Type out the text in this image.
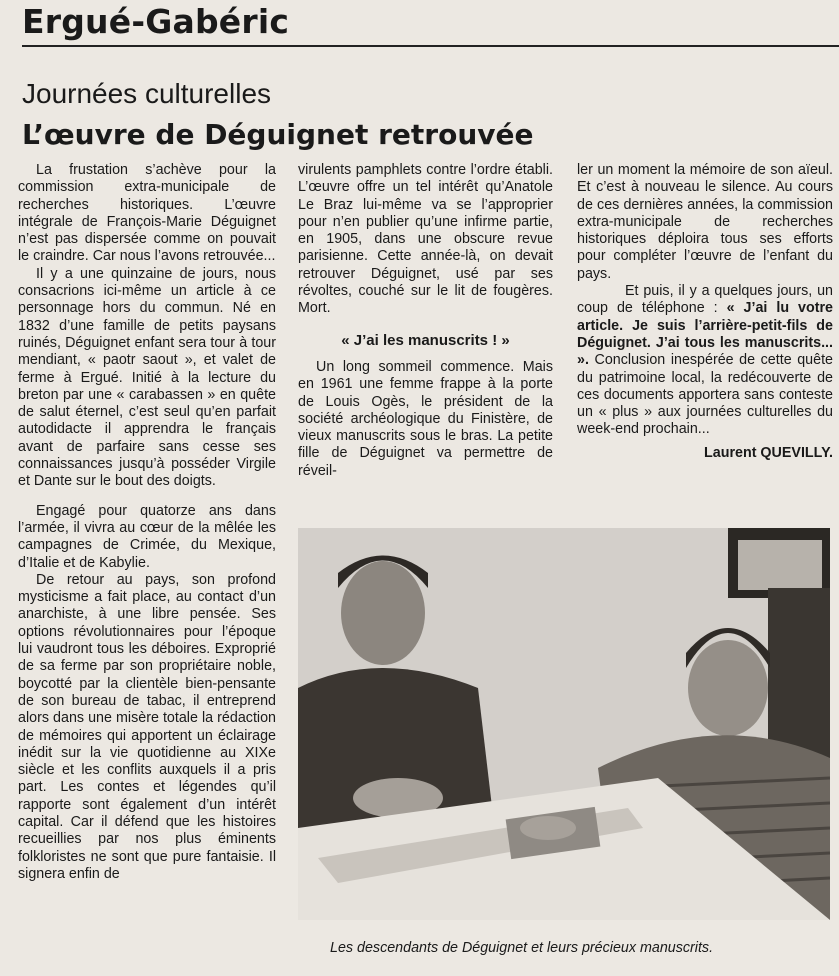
Ergué-Gabéric
Journées culturelles
L’œuvre de Déguignet retrouvée

La frustation s’achève pour la commission extra-municipale de recherches historiques. L’œuvre intégrale de François-Marie Déguignet n’est pas dispersée comme on pouvait le craindre. Car nous l’avons retrouvée...

Il y a une quinzaine de jours, nous consacrions ici-même un article à ce personnage hors du commun. Né en 1832 d’une famille de petits paysans ruinés, Déguignet enfant sera tour à tour mendiant, « paotr saout », et valet de ferme à Ergué. Initié à la lecture du breton par une « carabassen » en quête de salut éternel, c’est seul qu’en parfait autodidacte il apprendra le français avant de parfaire sans cesse ses connaissances jusqu’à posséder Virgile et Dante sur le bout des doigts.

Engagé pour quatorze ans dans l’armée, il vivra au cœur de la mêlée les campagnes de Crimée, du Mexique, d’Italie et de Kabylie.

De retour au pays, son profond mysticisme a fait place, au contact d’un anarchiste, à une libre pensée. Ses options révolutionnaires pour l’époque lui vaudront tous les déboires. Exproprié de sa ferme par son propriétaire noble, boycotté par la clientèle bien-pensante de son bureau de tabac, il entreprend alors dans une misère totale la rédaction de mémoires qui apportent un éclairage inédit sur la vie quotidienne au XIXe siècle et les conflits auxquels il a pris part. Les contes et légendes qu’il rapporte sont également d’un intérêt capital. Car il défend que les histoires recueillies par nos plus éminents folkloristes ne sont que pure fantaisie. Il signera enfin de

virulents pamphlets contre l’ordre établi. L’œuvre offre un tel intérêt qu’Anatole Le Braz lui-même va se l’approprier pour n’en publier qu’une infirme partie, en 1905, dans une obscure revue parisienne. Cette année-là, on devait retrouver Déguignet, usé par ses révoltes, couché sur le lit de fougères. Mort.

« J’ai les manuscrits ! »

Un long sommeil commence. Mais en 1961 une femme frappe à la porte de Louis Ogès, le président de la société archéologique du Finistère, de vieux manuscrits sous le bras. La petite fille de Déguignet va permettre de réveil-

ler un moment la mémoire de son aïeul. Et c’est à nouveau le silence. Au cours de ces dernières années, la commission extra-municipale de recherches historiques déploira tous ses efforts pour compléter l’œuvre de l’enfant du pays.

Et puis, il y a quelques jours, un coup de téléphone : « J’ai lu votre article. Je suis l’arrière-petit-fils de Déguignet. J’ai tous les manuscrits... ». Conclusion inespérée de cette quête du patrimoine local, la redécouverte de ces documents apportera sans conteste un « plus » aux journées culturelles du week-end prochain...

Laurent QUEVILLY.
Les descendants de Déguignet et leurs précieux manuscrits.
